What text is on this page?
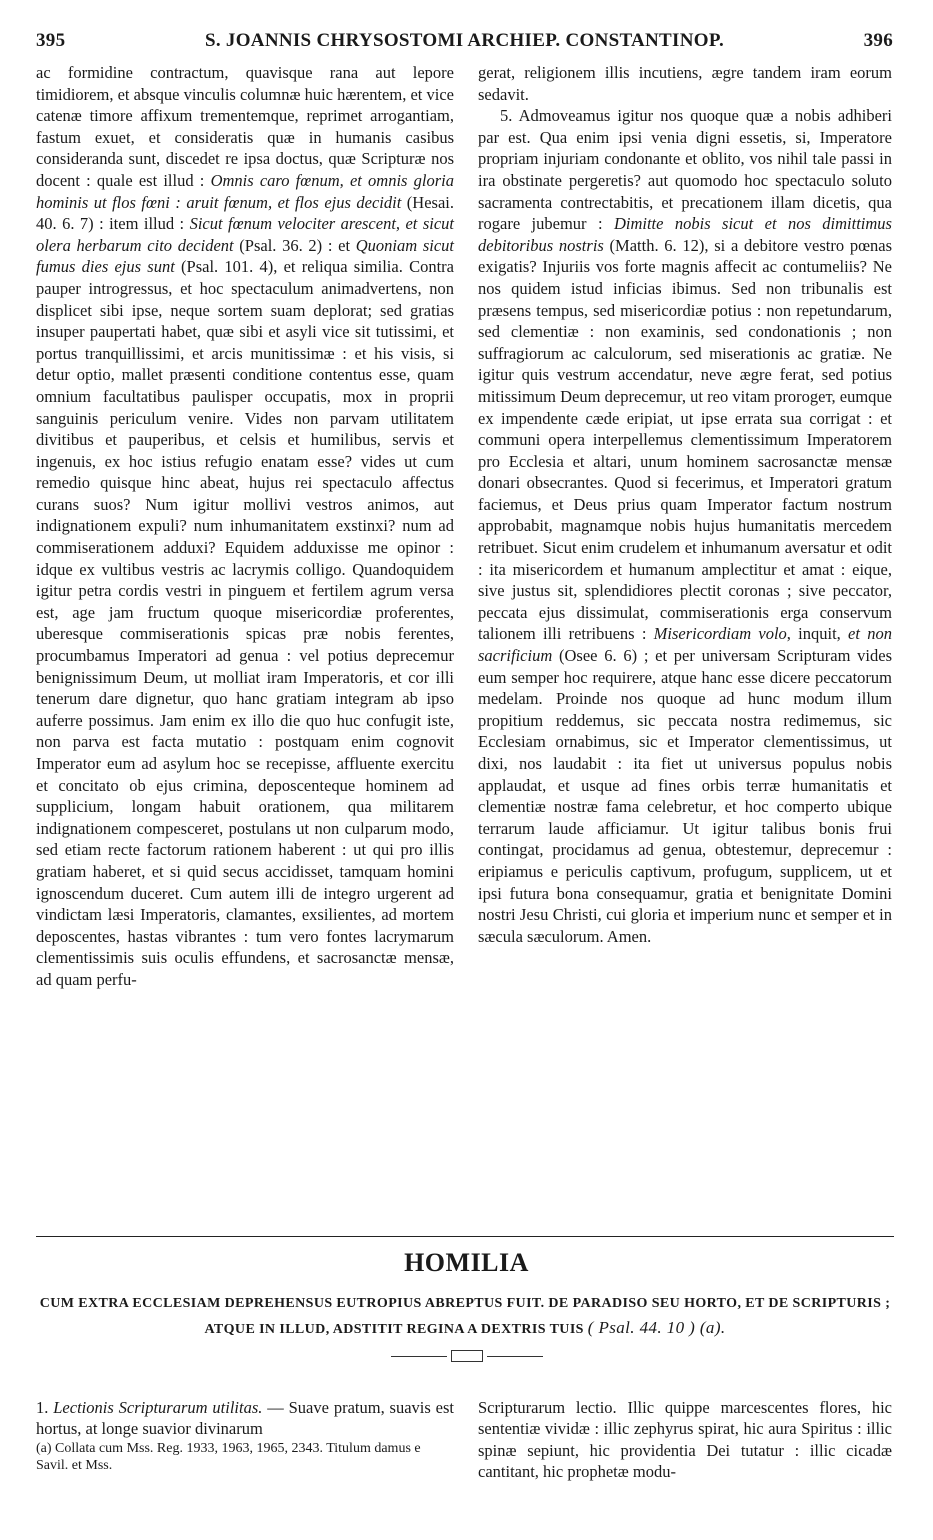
395	S. JOANNIS CHRYSOSTOMI ARCHIEP. CONSTANTINOP.	396

ac formidine contractum, quavisque rana aut lepore timidiorem, et absque vinculis columnæ huic hærentem, et vice catenæ timore affixum trementemque, reprimet arrogantiam, fastum exuet, et consideratis quæ in humanis casibus consideranda sunt, discedet re ipsa doctus, quæ Scripturæ nos docent : quale est illud : Omnis caro fœnum, et omnis gloria hominis ut flos fœni : aruit fœnum, et flos ejus decidit (Hesai. 40. 6. 7) : item illud : Sicut fœnum velociter arescent, et sicut olera herbarum cito decident (Psal. 36. 2) : et Quoniam sicut fumus dies ejus sunt (Psal. 101. 4), et reliqua similia. Contra pauper introgressus, et hoc spectaculum animadvertens, non displicet sibi ipse, neque sortem suam deplorat; sed gratias insuper paupertati habet, quæ sibi et asyli vice sit tutissimi, et portus tranquillissimi, et arcis munitissimæ : et his visis, si detur optio, mallet præsenti conditione contentus esse, quam omnium facultatibus paulisper occupatis, mox in proprii sanguinis periculum venire. Vides non parvam utilitatem divitibus et pauperibus, et celsis et humilibus, servis et ingenuis, ex hoc istius refugio enatam esse? vides ut cum remedio quisque hinc abeat, hujus rei spectaculo affectus curans suos? Num igitur mollivi vestros animos, aut indignationem expuli? num inhumanitatem exstinxi? num ad commiserationem adduxi? Equidem adduxisse me opinor : idque ex vultibus vestris ac lacrymis colligo. Quandoquidem igitur petra cordis vestri in pinguem et fertilem agrum versa est, age jam fructum quoque misericordiæ proferentes, uberesque commiserationis spicas præ nobis ferentes, procumbamus Imperatori ad genua : vel potius deprecemur benignissimum Deum, ut molliat iram Imperatoris, et cor illi tenerum dare dignetur, quo hanc gratiam integram ab ipso auferre possimus. Jam enim ex illo die quo huc confugit iste, non parva est facta mutatio : postquam enim cognovit Imperator eum ad asylum hoc se recepisse, affluente exercitu et concitato ob ejus crimina, deposcenteque hominem ad supplicium, longam habuit orationem, qua militarem indignationem compesceret, postulans ut non culparum modo, sed etiam recte factorum rationem haberent : ut qui pro illis gratiam haberet, et si quid secus accidisset, tamquam homini ignoscendum duceret. Cum autem illi de integro urgerent ad vindictam læsi Imperatoris, clamantes, exsilientes, ad mortem deposcentes, hastas vibrantes : tum vero fontes lacrymarum clementissimis suis oculis effundens, et sacrosanctæ mensæ, ad quam perfu-

gerat, religionem illis incutiens, ægre tandem iram eorum sedavit.

5. Admoveamus igitur nos quoque quæ a nobis adhiberi par est. Qua enim ipsi venia digni essetis, si, Imperatore propriam injuriam condonante et oblito, vos nihil tale passi in ira obstinate pergeretis? aut quomodo hoc spectaculo soluto sacramenta contrectabitis, et precationem illam dicetis, qua rogare jubemur : Dimitte nobis sicut et nos dimittimus debitoribus nostris (Matth. 6. 12), si a debitore vestro pœnas exigatis? Injuriis vos forte magnis affecit ac contumeliis? Ne nos quidem istud inficias ibimus. Sed non tribunalis est præsens tempus, sed misericordiæ potius : non repetundarum, sed clementiæ : non examinis, sed condonationis ; non suffragiorum ac calculorum, sed miserationis ac gratiæ. Ne igitur quis vestrum accendatur, neve ægre ferat, sed potius mitissimum Deum deprecemur, ut reo vitam prorogет, eumque ex impendente cæde eripiat, ut ipse errata sua corrigat : et communi opera interpellemus clementissimum Imperatorem pro Ecclesia et altari, unum hominem sacrosanctæ mensæ donari obsecrantes. Quod si fecerimus, et Imperatori gratum faciemus, et Deus prius quam Imperator factum nostrum approbabit, magnamque nobis hujus humanitatis mercedem retribuet. Sicut enim crudelem et inhumanum aversatur et odit : ita misericordem et humanum amplectitur et amat : eique, sive justus sit, splendidiores plectit coronas ; sive peccator, peccata ejus dissimulat, commiserationis erga conservum talionem illi retribuens : Misericordiam volo, inquit, et non sacrificium (Osee 6. 6) ; et per universam Scripturam vides eum semper hoc requirere, atque hanc esse dicere peccatorum medelam. Proinde nos quoque ad hunc modum illum propitium reddemus, sic peccata nostra redimemus, sic Ecclesiam ornabimus, sic et Imperator clementissimus, ut dixi, nos laudabit : ita fiet ut universus populus nobis applaudat, et usque ad fines orbis terræ humanitatis et clementiæ nostræ fama celebretur, et hoc comperto ubique terrarum laude afficiamur. Ut igitur talibus bonis frui contingat, procidamus ad genua, obtestemur, deprecemur : eripiamus e periculis captivum, profugum, supplicem, ut et ipsi futura bona consequamur, gratia et benignitate Domini nostri Jesu Christi, cui gloria et imperium nunc et semper et in sæcula sæculorum. Amen.

HOMILIA
CUM EXTRA ECCLESIAM DEPREHENSUS EUTROPIUS ABREPTUS FUIT. DE PARADISO SEU HORTO, ET DE SCRIPTURIS ; ATQUE IN ILLUD, ADSTITIT REGINA A DEXTRIS TUIS ( Psal. 44. 10 ) (a).

1. Lectionis Scripturarum utilitas. — Suave pratum, suavis est hortus, at longe suavior divinarum

(a) Collata cum Mss. Reg. 1933, 1963, 1965, 2343. Titulum damus e Savil. et Mss.

Scripturarum lectio. Illic quippe marcescentes flores, hic sententiæ vividæ : illic zephyrus spirat, hic aura Spiritus : illic spinæ sepiunt, hic providentia Dei tutatur : illic cicadæ cantitant, hic prophetæ modu-
